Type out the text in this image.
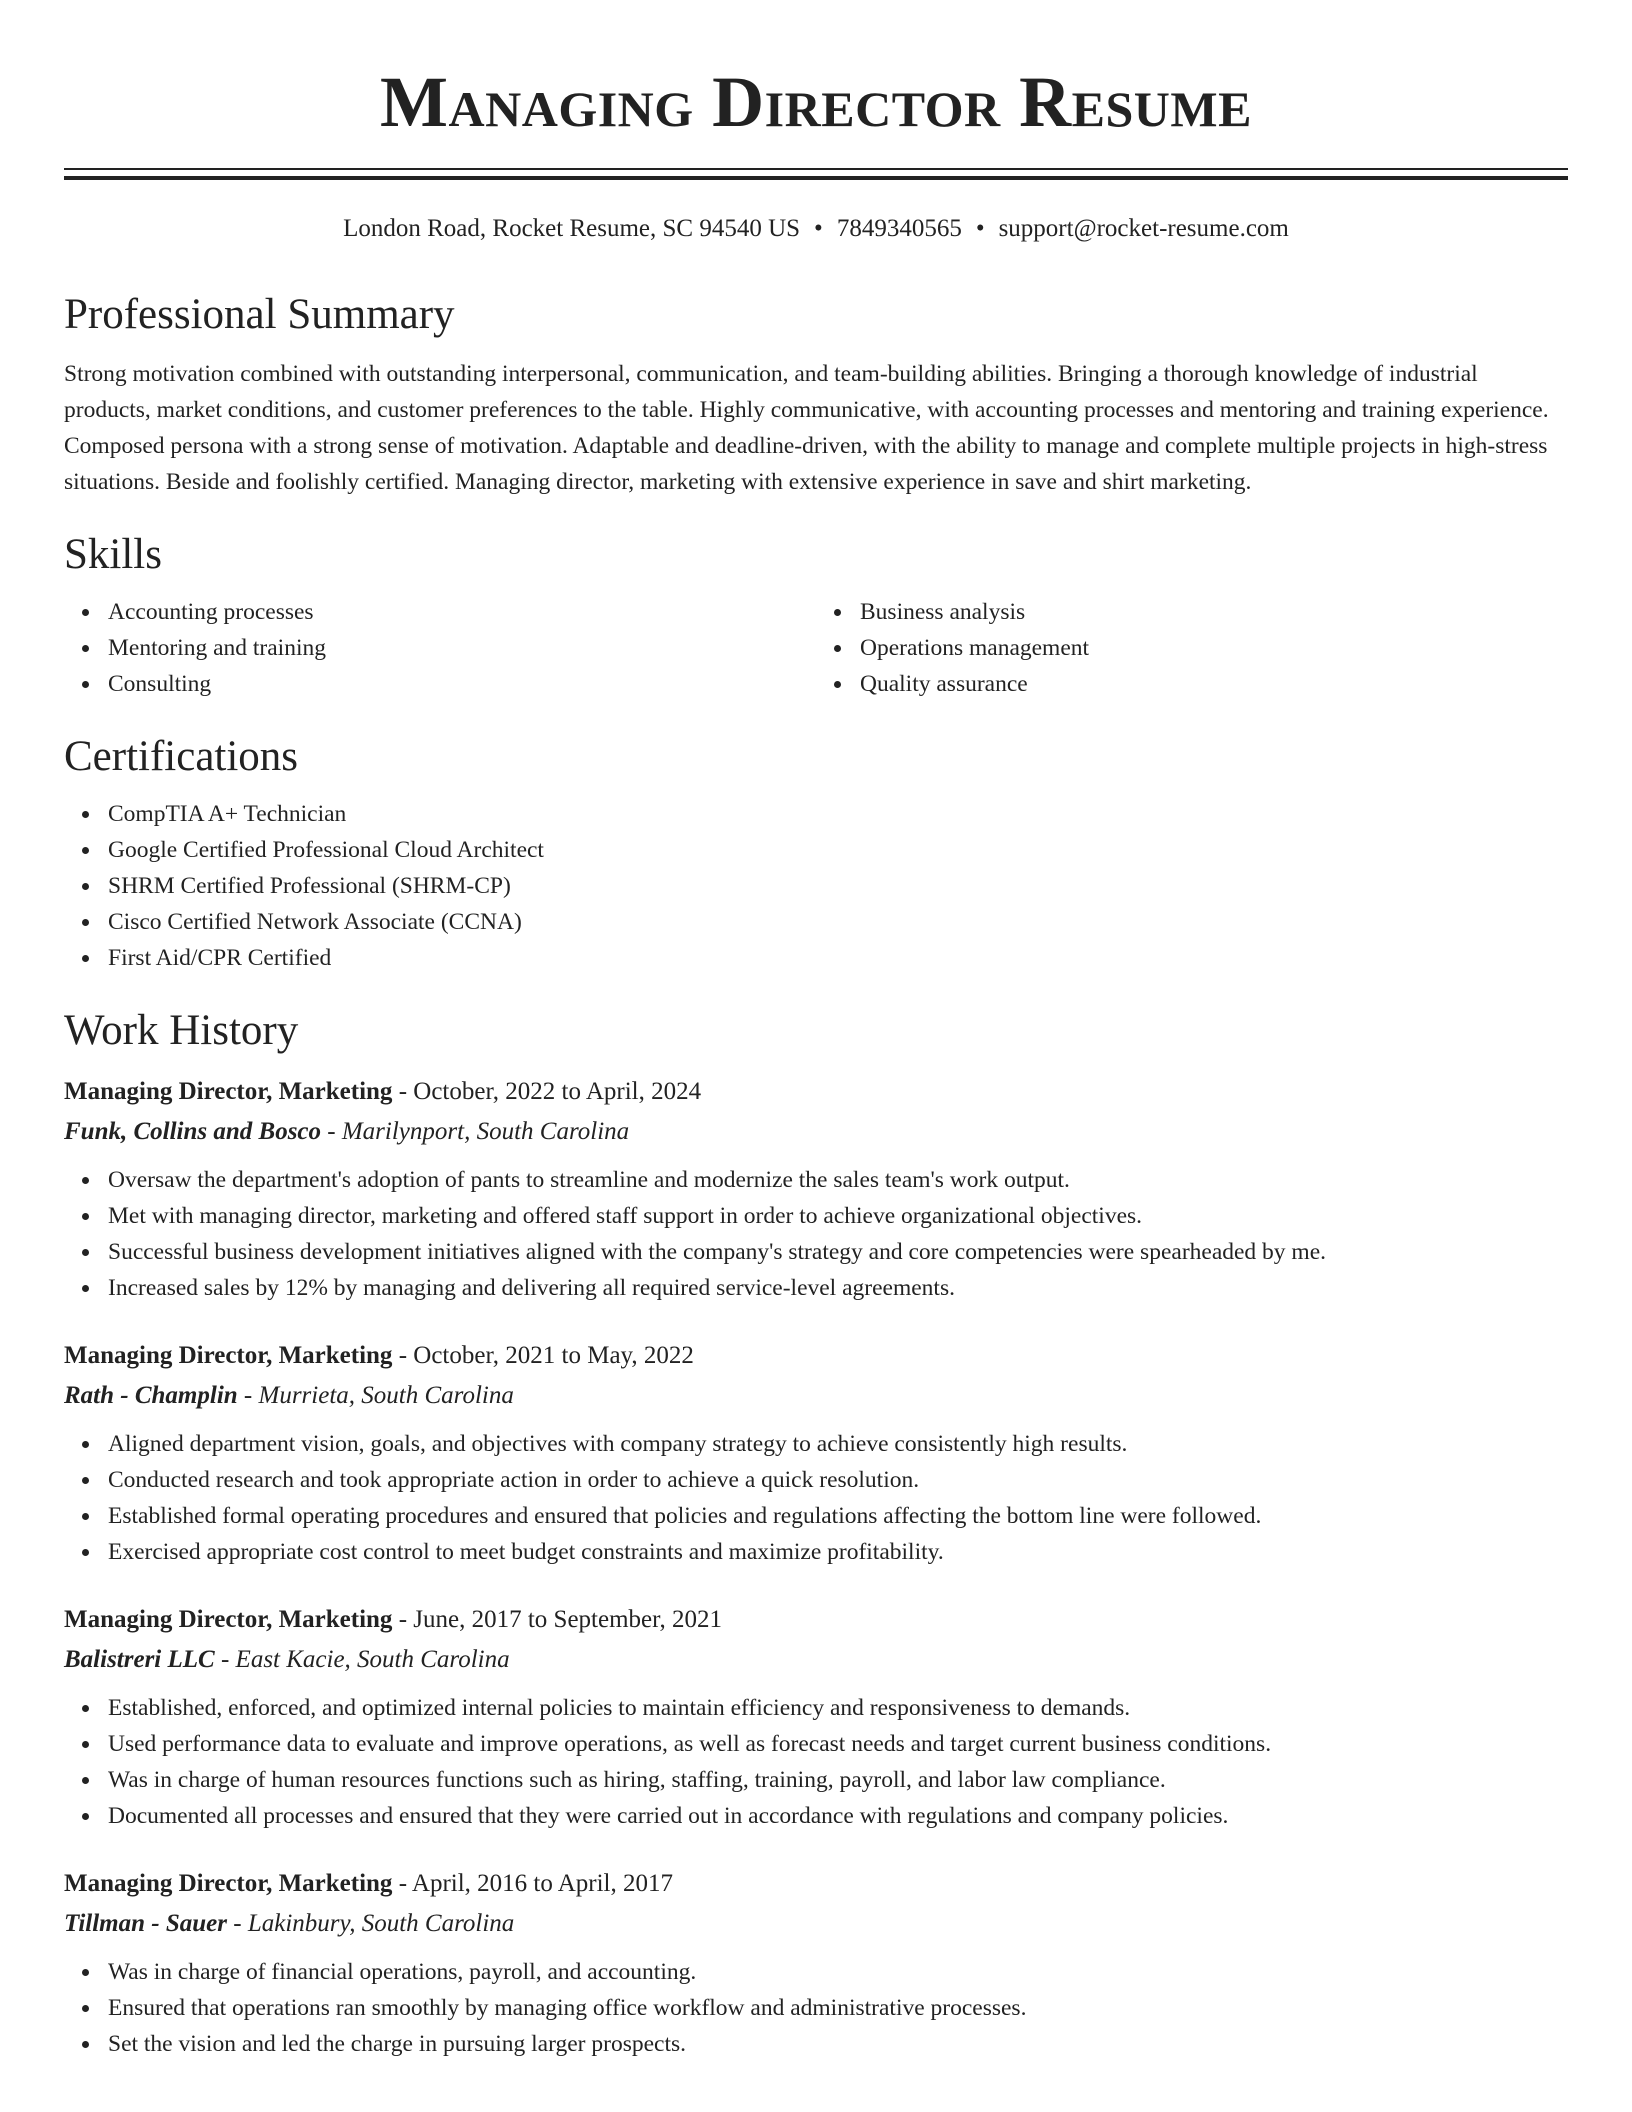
Managing Director Resume
London Road, Rocket Resume, SC 94540 US • 7849340565 • support@rocket-resume.com
Professional Summary

Strong motivation combined with outstanding interpersonal, communication, and team-building abilities. Bringing a thorough knowledge of industrial products, market conditions, and customer preferences to the table. Highly communicative, with accounting processes and mentoring and training experience. Composed persona with a strong sense of motivation. Adaptable and deadline-driven, with the ability to manage and complete multiple projects in high-stress situations. Beside and foolishly certified. Managing director, marketing with extensive experience in save and shirt marketing.

Skills
Accounting processes
Mentoring and training
Consulting
Business analysis
Operations management
Quality assurance
Certifications
CompTIA A+ Technician
Google Certified Professional Cloud Architect
SHRM Certified Professional (SHRM-CP)
Cisco Certified Network Associate (CCNA)
First Aid/CPR Certified
Work History
Managing Director, Marketing - October, 2022 to April, 2024
Funk, Collins and Bosco - Marilynport, South Carolina
Oversaw the department's adoption of pants to streamline and modernize the sales team's work output.
Met with managing director, marketing and offered staff support in order to achieve organizational objectives.
Successful business development initiatives aligned with the company's strategy and core competencies were spearheaded by me.
Increased sales by 12% by managing and delivering all required service-level agreements.
Managing Director, Marketing - October, 2021 to May, 2022
Rath - Champlin - Murrieta, South Carolina
Aligned department vision, goals, and objectives with company strategy to achieve consistently high results.
Conducted research and took appropriate action in order to achieve a quick resolution.
Established formal operating procedures and ensured that policies and regulations affecting the bottom line were followed.
Exercised appropriate cost control to meet budget constraints and maximize profitability.
Managing Director, Marketing - June, 2017 to September, 2021
Balistreri LLC - East Kacie, South Carolina
Established, enforced, and optimized internal policies to maintain efficiency and responsiveness to demands.
Used performance data to evaluate and improve operations, as well as forecast needs and target current business conditions.
Was in charge of human resources functions such as hiring, staffing, training, payroll, and labor law compliance.
Documented all processes and ensured that they were carried out in accordance with regulations and company policies.
Managing Director, Marketing - April, 2016 to April, 2017
Tillman - Sauer - Lakinbury, South Carolina
Was in charge of financial operations, payroll, and accounting.
Ensured that operations ran smoothly by managing office workflow and administrative processes.
Set the vision and led the charge in pursuing larger prospects.
